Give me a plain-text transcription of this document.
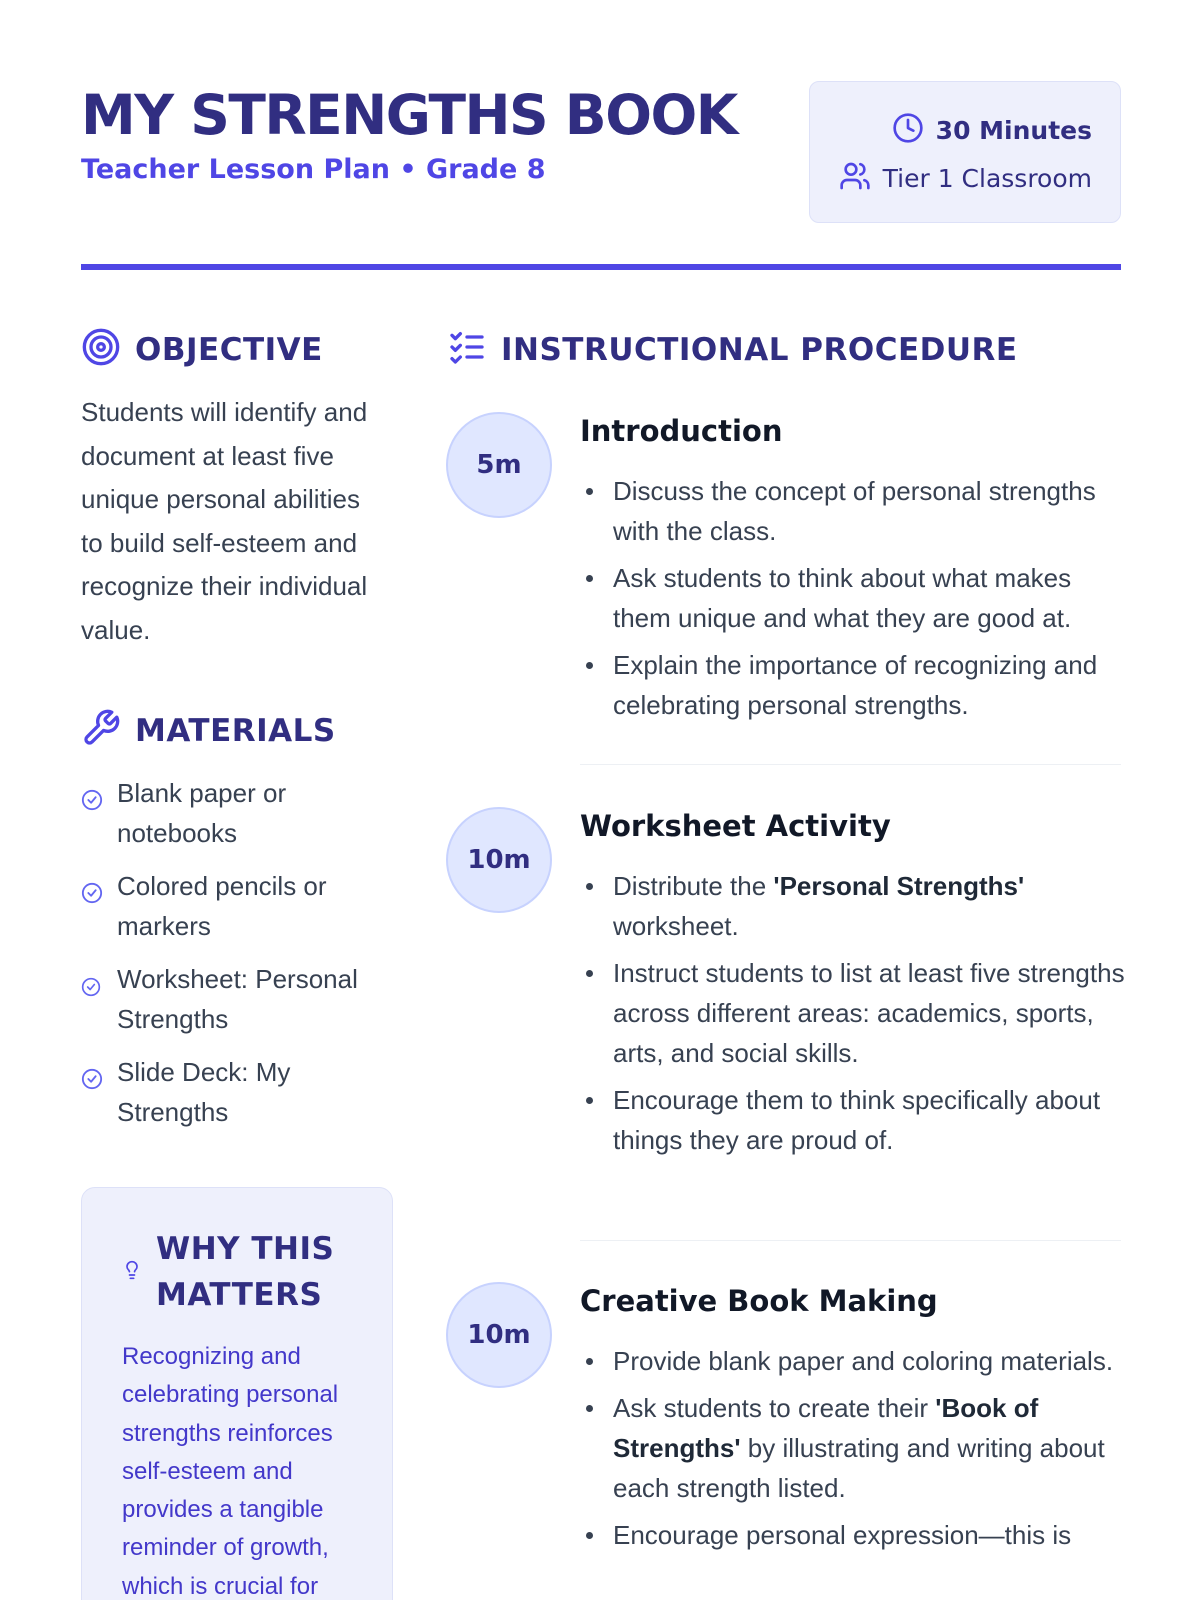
MY STRENGTHS BOOK
Teacher Lesson Plan • Grade 8
30 Minutes
Tier 1 Classroom
OBJECTIVE

Students will identify and document at least five unique personal abilities to build self-esteem and recognize their individual value.

MATERIALS
Blank paper or notebooks
Colored pencils or markers
Worksheet: Personal Strengths
Slide Deck: My Strengths
WHY THIS MATTERS

Recognizing and celebrating personal strengths reinforces self-esteem and provides a tangible reminder of growth, which is crucial for

INSTRUCTIONAL PROCEDURE
5m
Introduction
Discuss the concept of personal strengths with the class.
Ask students to think about what makes them unique and what they are good at.
Explain the importance of recognizing and celebrating personal strengths.
10m
Worksheet Activity
Distribute the 'Personal Strengths' worksheet.
Instruct students to list at least five strengths across different areas: academics, sports, arts, and social skills.
Encourage them to think specifically about things they are proud of.
10m
Creative Book Making
Provide blank paper and coloring materials.
Ask students to create their 'Book of Strengths' by illustrating and writing about each strength listed.
Encourage personal expression—this is
